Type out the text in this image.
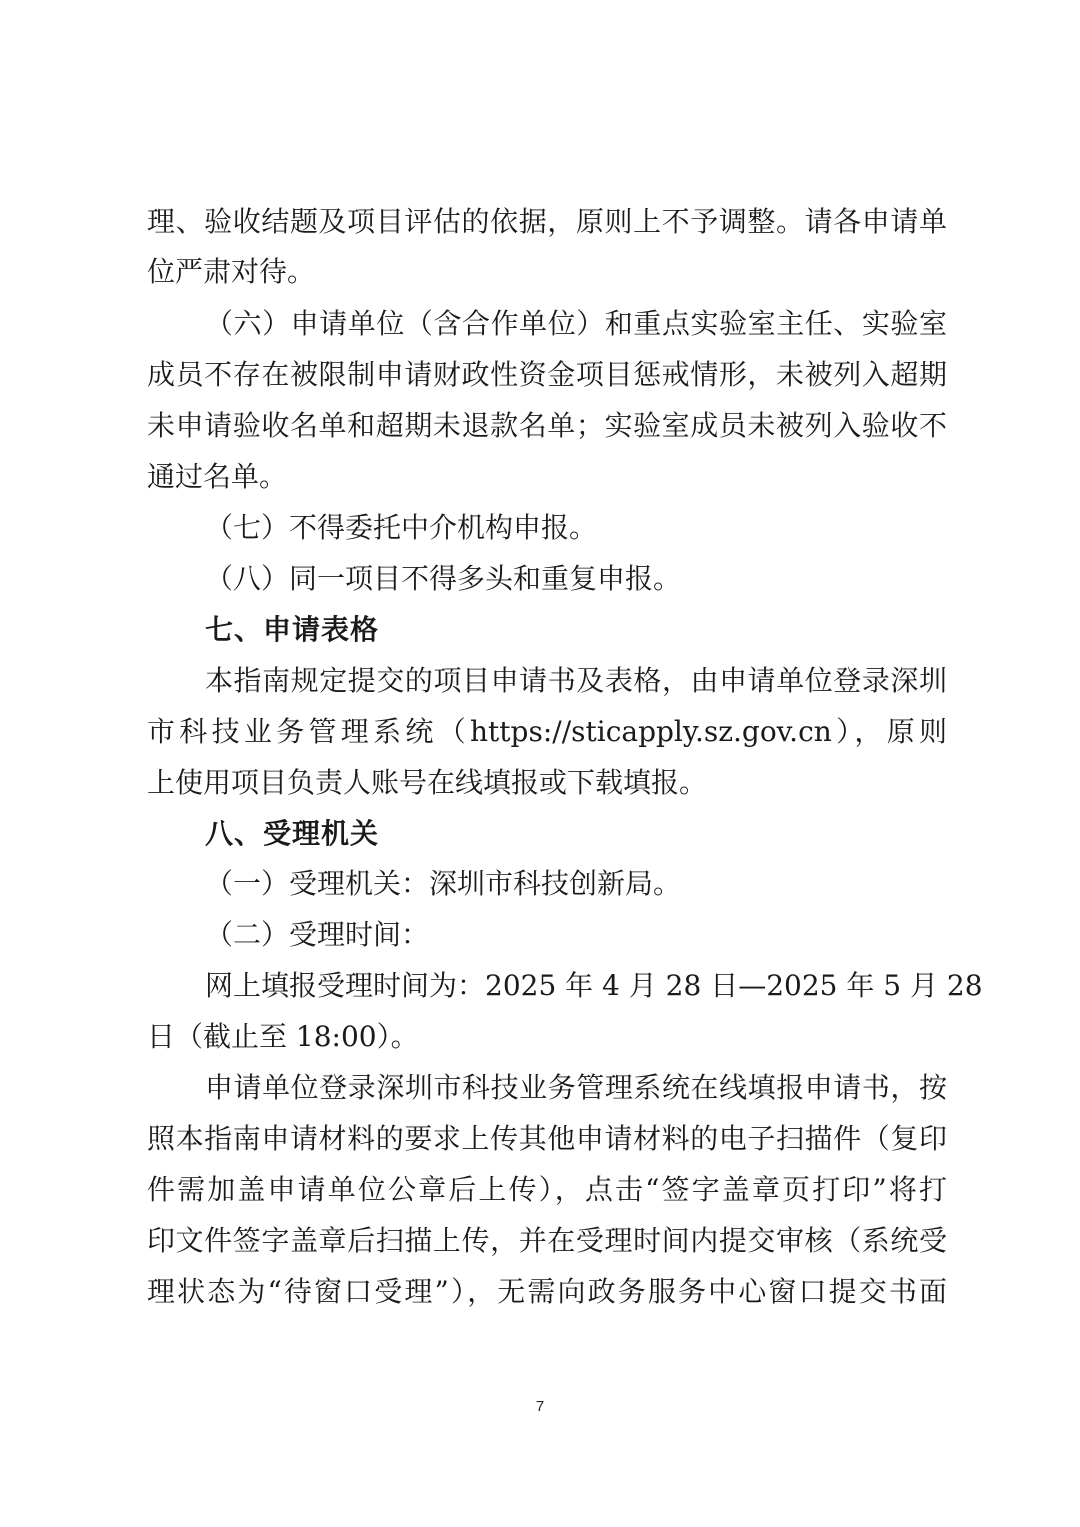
理、验收结题及项目评估的依据，原则上不予调整。请各申请单
位严肃对待。
（六）申请单位（含合作单位）和重点实验室主任、实验室
成员不存在被限制申请财政性资金项目惩戒情形，未被列入超期
未申请验收名单和超期未退款名单；实验室成员未被列入验收不
通过名单。
（七）不得委托中介机构申报。
（八）同一项目不得多头和重复申报。
七、申请表格
本指南规定提交的项目申请书及表格，由申请单位登录深圳
市科技业务管理系统（https://sticapply.sz.gov.cn），原则
上使用项目负责人账号在线填报或下载填报。
八、受理机关
（一）受理机关：深圳市科技创新局。
（二）受理时间：
网上填报受理时间为：2025 年 4 月 28 日—2025 年 5 月 28
日（截止至 18:00）。
申请单位登录深圳市科技业务管理系统在线填报申请书，按
照本指南申请材料的要求上传其他申请材料的电子扫描件（复印
件需加盖申请单位公章后上传），点击“签字盖章页打印”将打
印文件签字盖章后扫描上传，并在受理时间内提交审核（系统受
理状态为“待窗口受理”），无需向政务服务中心窗口提交书面
7
